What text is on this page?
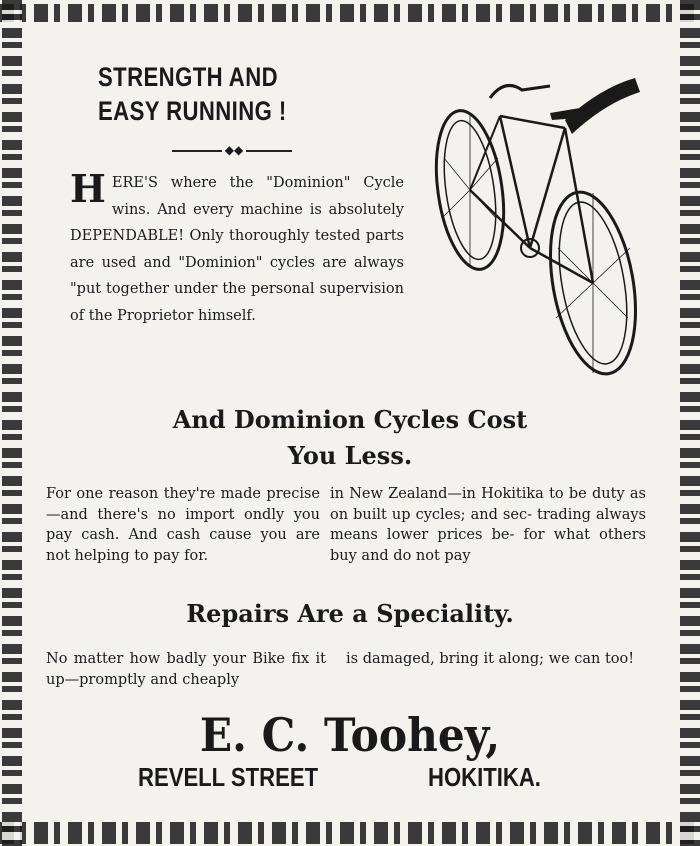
STRENGTH AND
EASY RUNNING !
◆◆
H ERE'S where the "Dominion" Cycle wins. And every machine is absolutely DEPENDABLE! Only thoroughly tested parts are used and "Dominion" cycles are always "put together under the personal supervision of the Proprietor himself.
And Dominion Cycles Cost
You Less.
For one reason they're made precise—and there's no import ondly you pay cash. And cash cause you are not helping to pay for.
in New Zealand—in Hokitika to be duty as on built up cycles; and sec- trading always means lower prices be- for what others buy and do not pay
Repairs Are a Speciality.
No matter how badly your Bike fix it up—promptly and cheaply
is damaged, bring it along; we can too!
E. C. Toohey,
REVELL STREET	HOKITIKA.
